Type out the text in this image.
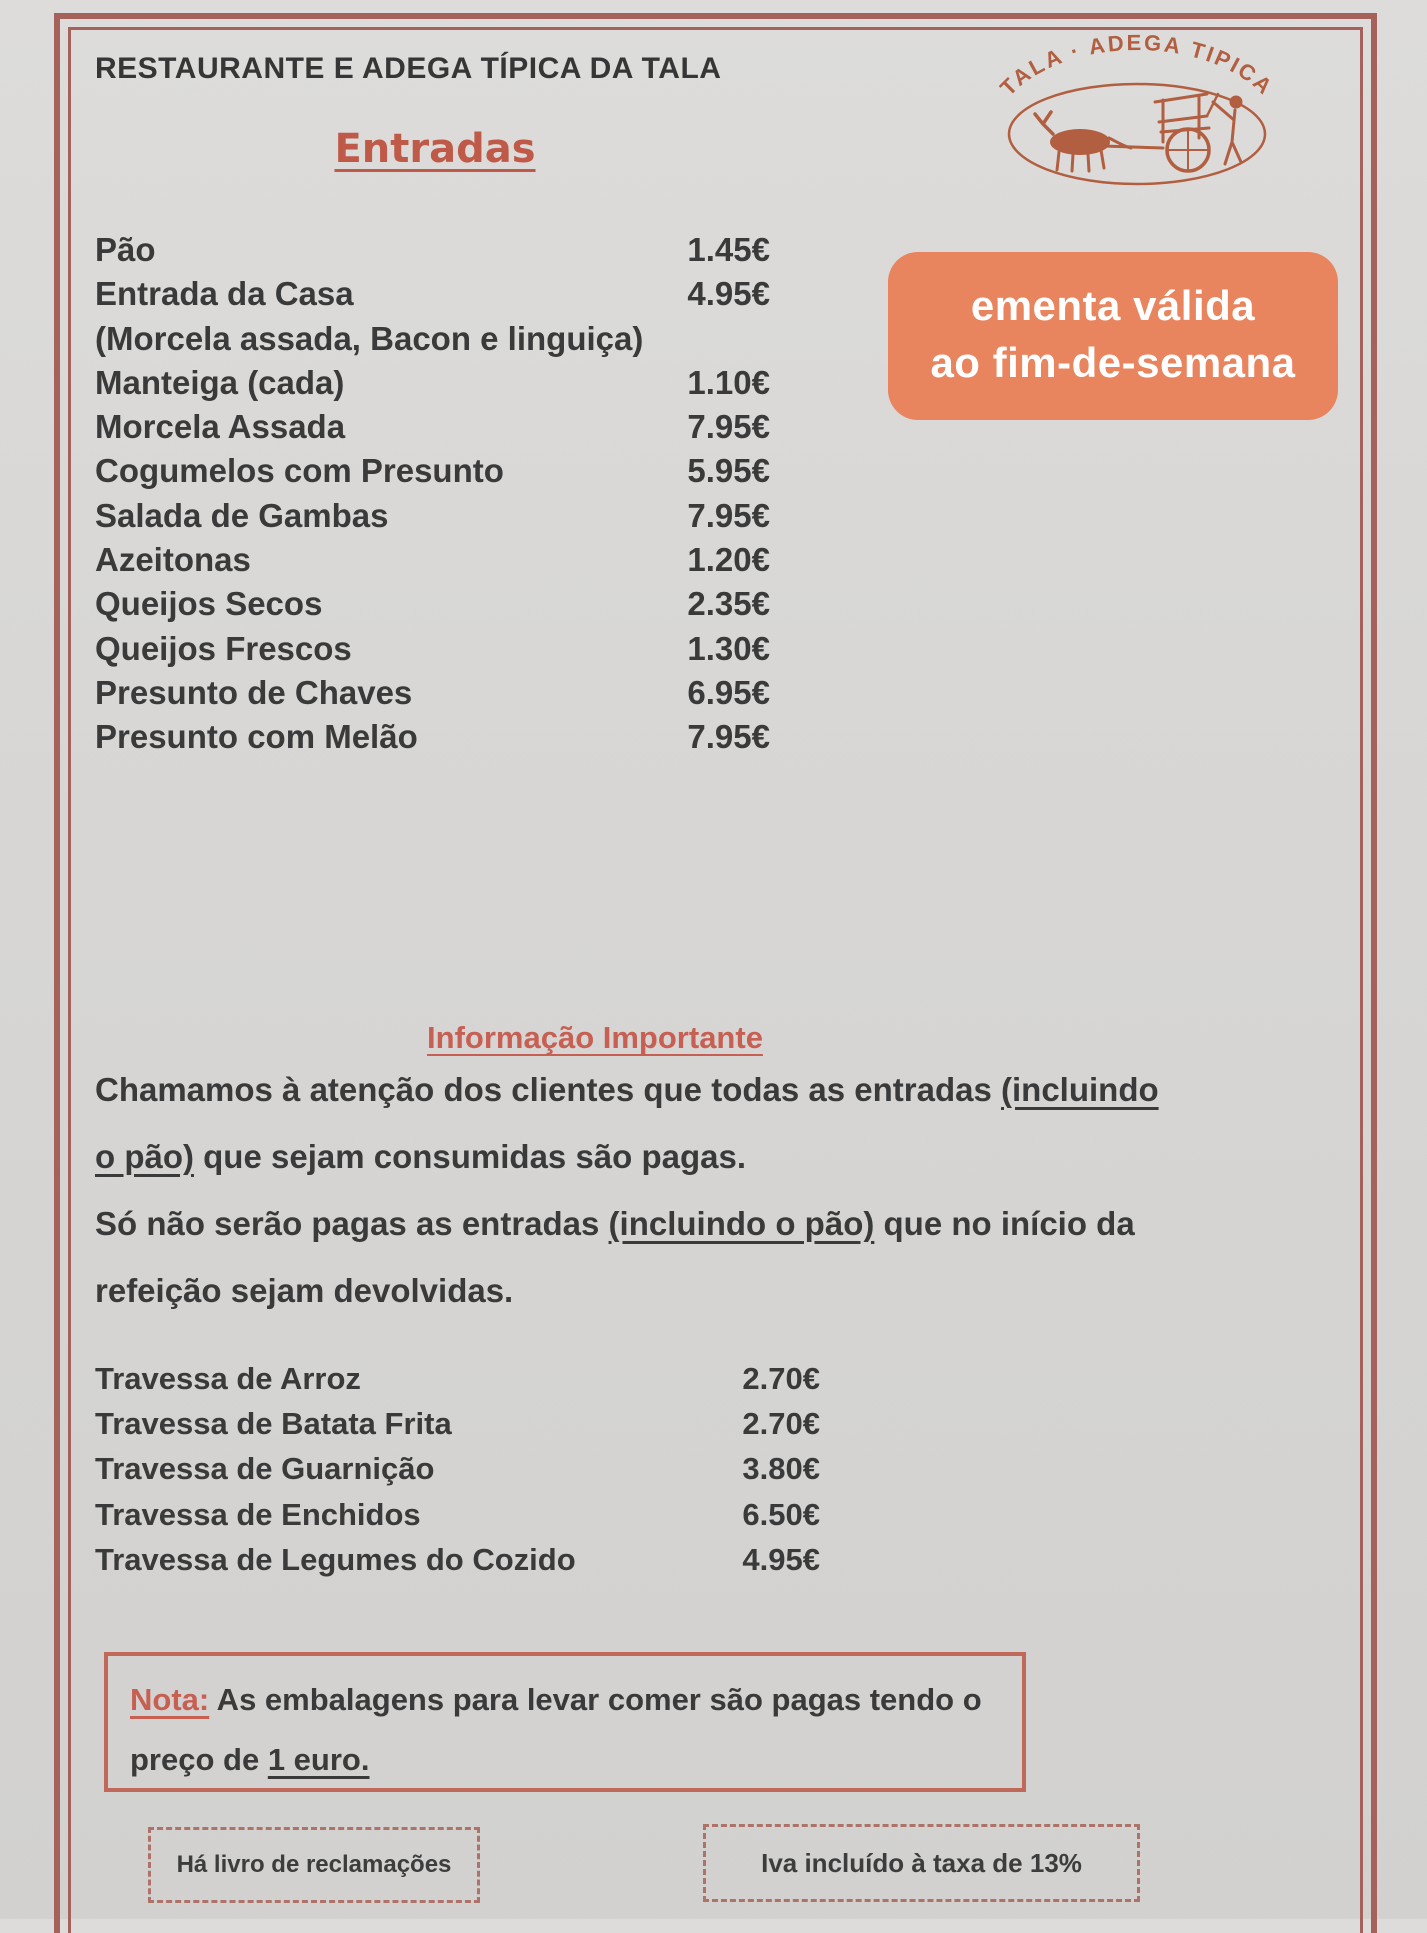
RESTAURANTE E ADEGA TÍPICA DA TALA
TALA · ADEGA TIPICA
Entradas
ementa válida
ao fim-de-semana
Pão	1.45€
Entrada da Casa	4.95€
(Morcela assada, Bacon e linguiça)
Manteiga (cada)	1.10€
Morcela Assada	7.95€
Cogumelos com Presunto	5.95€
Salada de Gambas	7.95€
Azeitonas	1.20€
Queijos Secos	2.35€
Queijos Frescos	1.30€
Presunto de Chaves	6.95€
Presunto com Melão	7.95€
Informação Importante
Chamamos à atenção dos clientes que todas as entradas (incluindo
o pão) que sejam consumidas são pagas.
Só não serão pagas as entradas (incluindo o pão) que no início da
refeição sejam devolvidas.
Travessa de Arroz	2.70€
Travessa de Batata Frita	2.70€
Travessa de Guarnição	3.80€
Travessa de Enchidos	6.50€
Travessa de Legumes do Cozido	4.95€
Nota: As embalagens para levar comer são pagas tendo o
preço de 1 euro.
Há livro de reclamações	Iva incluído à taxa de 13%
